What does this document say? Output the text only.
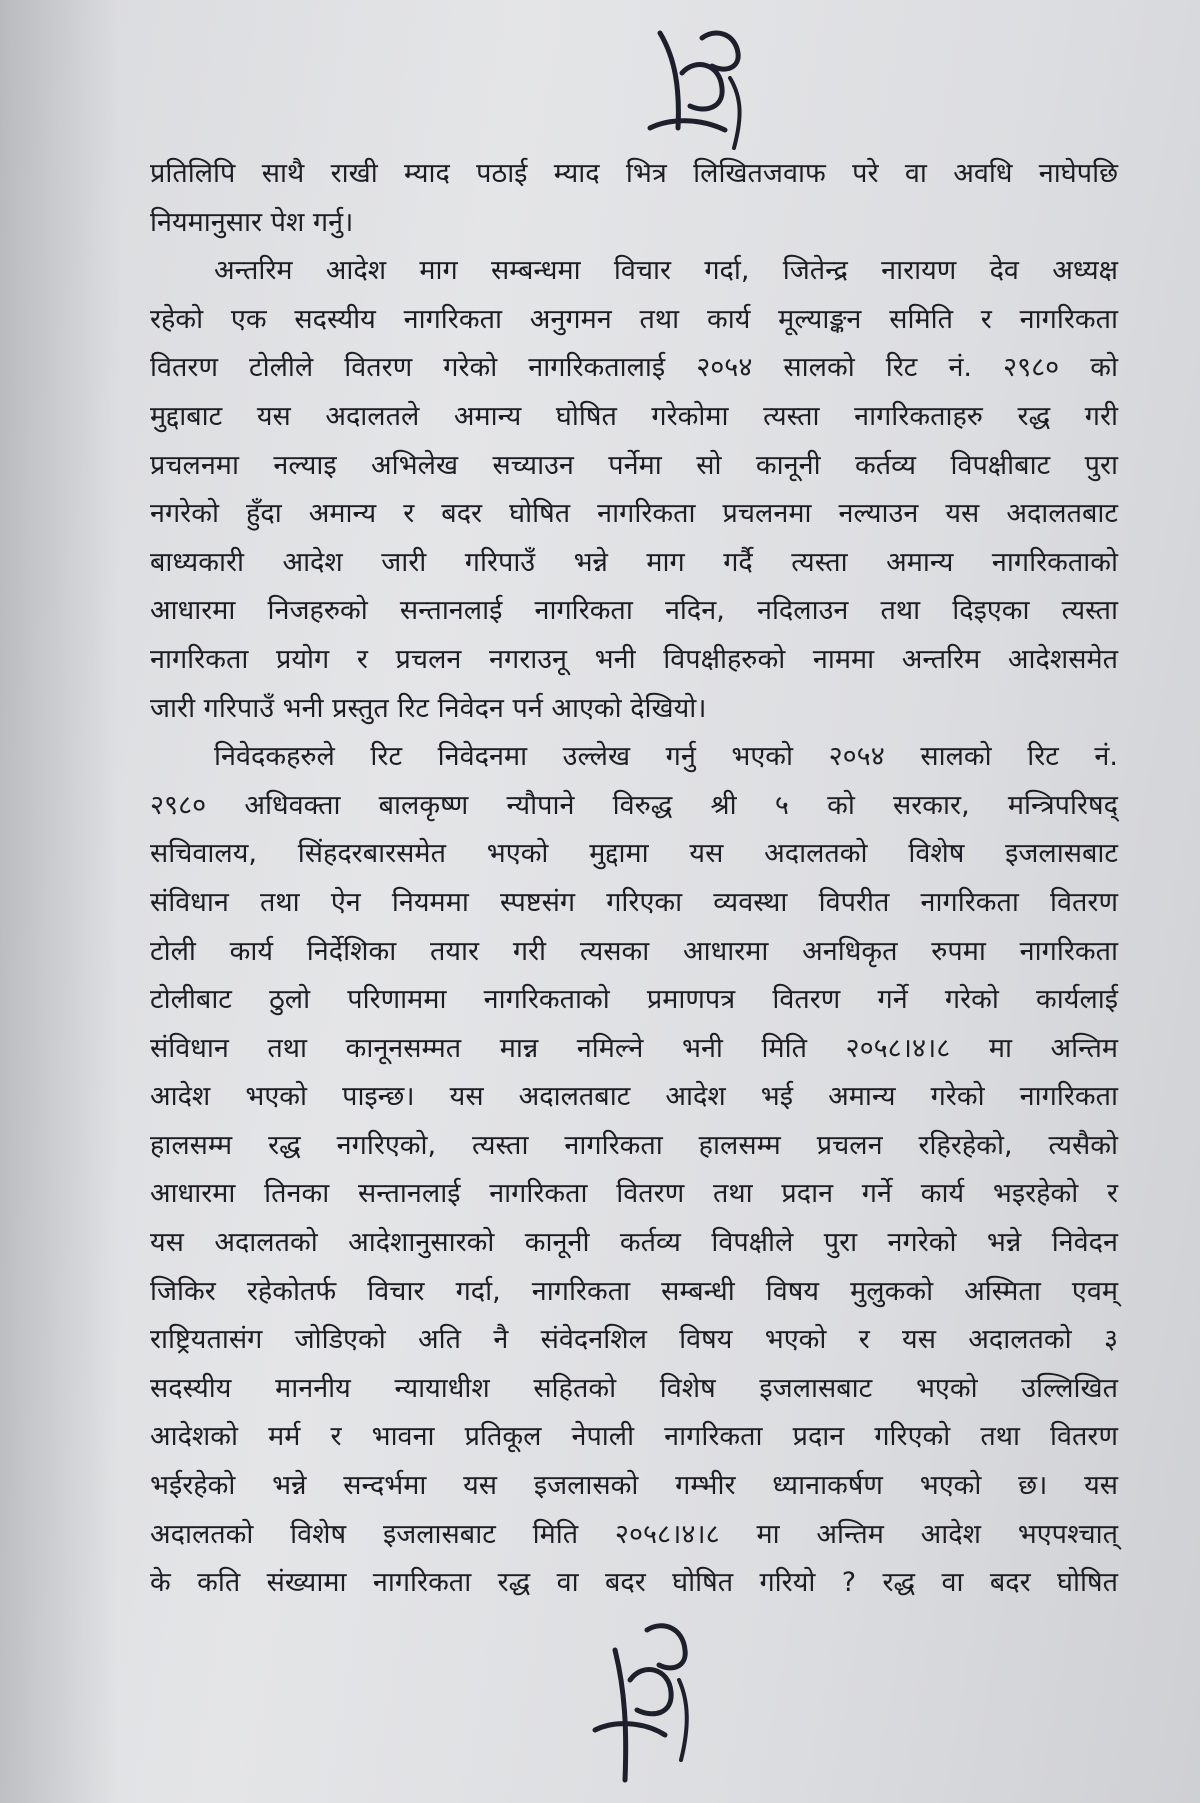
प्रतिलिपि साथै राखी म्याद पठाई म्याद भित्र लिखितजवाफ परे वा अवधि नाघेपछि
नियमानुसार पेश गर्नु।
अन्तरिम आदेश माग सम्बन्धमा विचार गर्दा, जितेन्द्र नारायण देव अध्यक्ष
रहेको एक सदस्यीय नागरिकता अनुगमन तथा कार्य मूल्याङ्कन समिति र नागरिकता
वितरण टोलीले वितरण गरेको नागरिकतालाई २०५४ सालको रिट नं. २९८० को
मुद्दाबाट यस अदालतले अमान्य घोषित गरेकोमा त्यस्ता नागरिकताहरु रद्ध गरी
प्रचलनमा नल्याइ अभिलेख सच्याउन पर्नेमा सो कानूनी कर्तव्य विपक्षीबाट पुरा
नगरेको हुँदा अमान्य र बदर घोषित नागरिकता प्रचलनमा नल्याउन यस अदालतबाट
बाध्यकारी आदेश जारी गरिपाउँ भन्ने माग गर्दै त्यस्ता अमान्य नागरिकताको
आधारमा निजहरुको सन्तानलाई नागरिकता नदिन, नदिलाउन तथा दिइएका त्यस्ता
नागरिकता प्रयोग र प्रचलन नगराउनू भनी विपक्षीहरुको नाममा अन्तरिम आदेशसमेत
जारी गरिपाउँ भनी प्रस्तुत रिट निवेदन पर्न आएको देखियो।
निवेदकहरुले रिट निवेदनमा उल्लेख गर्नु भएको २०५४ सालको रिट नं.
२९८० अधिवक्ता बालकृष्ण न्यौपाने विरुद्ध श्री ५ को सरकार, मन्त्रिपरिषद्
सचिवालय, सिंहदरबारसमेत भएको मुद्दामा यस अदालतको विशेष इजलासबाट
संविधान तथा ऐन नियममा स्पष्टसंग गरिएका व्यवस्था विपरीत नागरिकता वितरण
टोली कार्य निर्देशिका तयार गरी त्यसका आधारमा अनधिकृत रुपमा नागरिकता
टोलीबाट ठुलो परिणाममा नागरिकताको प्रमाणपत्र वितरण गर्ने गरेको कार्यलाई
संविधान तथा कानूनसम्मत मान्न नमिल्ने भनी मिति २०५८।४।८ मा अन्तिम
आदेश भएको पाइन्छ। यस अदालतबाट आदेश भई अमान्य गरेको नागरिकता
हालसम्म रद्ध नगरिएको, त्यस्ता नागरिकता हालसम्म प्रचलन रहिरहेको, त्यसैको
आधारमा तिनका सन्तानलाई नागरिकता वितरण तथा प्रदान गर्ने कार्य भइरहेको र
यस अदालतको आदेशानुसारको कानूनी कर्तव्य विपक्षीले पुरा नगरेको भन्ने निवेदन
जिकिर रहेकोतर्फ विचार गर्दा, नागरिकता सम्बन्धी विषय मुलुकको अस्मिता एवम्
राष्ट्रियतासंग जोडिएको अति नै संवेदनशिल विषय भएको र यस अदालतको ३
सदस्यीय माननीय न्यायाधीश सहितको विशेष इजलासबाट भएको उल्लिखित
आदेशको मर्म र भावना प्रतिकूल नेपाली नागरिकता प्रदान गरिएको तथा वितरण
भईरहेको भन्ने सन्दर्भमा यस इजलासको गम्भीर ध्यानाकर्षण भएको छ। यस
अदालतको विशेष इजलासबाट मिति २०५८।४।८ मा अन्तिम आदेश भएपश्चात्
के कति संख्यामा नागरिकता रद्ध वा बदर घोषित गरियो ? रद्ध वा बदर घोषित
